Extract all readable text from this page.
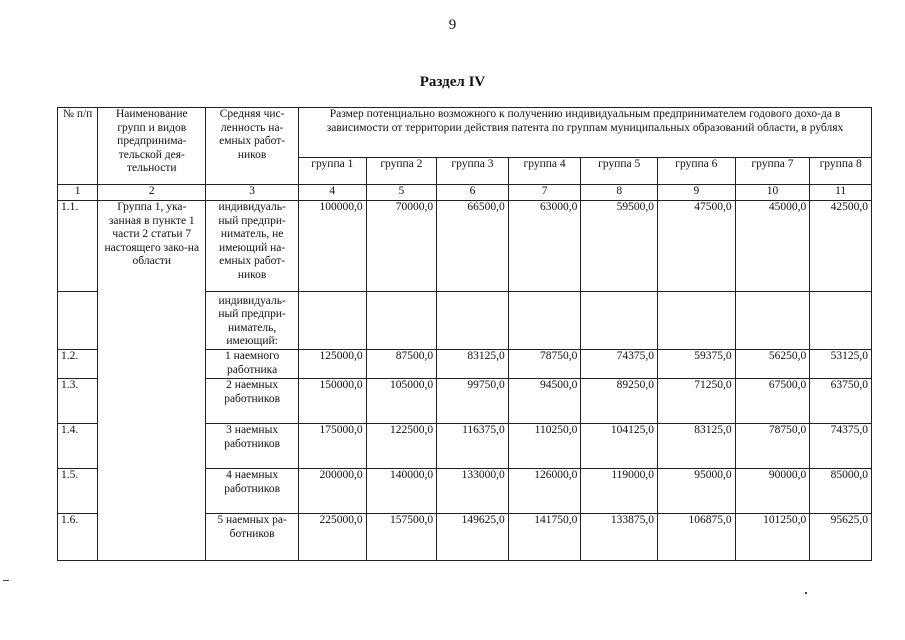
9
Раздел IV
№ п/п	Наименование групп и видов предпринима-тельской дея-тельности	Средняя чис-ленность на-емных работ-ников	Размер потенциально возможного к получению индивидуальным предпринимателем годового дохо-да в зависимости от территории действия патента по группам муниципальных образований области, в рублях							
			группа 1	группа 2	группа 3	группа 4	группа 5	группа 6	группа 7	группа 8
1	2	3	4	5	6	7	8	9	10	11
1.1.	Группа 1, ука-занная в пункте 1 части 2 статьи 7 настоящего зако-на области	индивидуаль-ный предпри-ниматель, не имеющий на-емных работ-ников	100000,0	70000,0	66500,0	63000,0	59500,0	47500,0	45000,0	42500,0
		индивидуаль-ный предпри-ниматель, имеющий:								
1.2.		1 наемного работника	125000,0	87500,0	83125,0	78750,0	74375,0	59375,0	56250,0	53125,0
1.3.		2 наемных работников	150000,0	105000,0	99750,0	94500,0	89250,0	71250,0	67500,0	63750,0
1.4.		3 наемных работников	175000,0	122500,0	116375,0	110250,0	104125,0	83125,0	78750,0	74375,0
1.5.		4 наемных работников	200000,0	140000,0	133000,0	126000,0	119000,0	95000,0	90000,0	85000,0
1.6.		5 наемных ра-ботников	225000,0	157500,0	149625,0	141750,0	133875,0	106875,0	101250,0	95625,0
